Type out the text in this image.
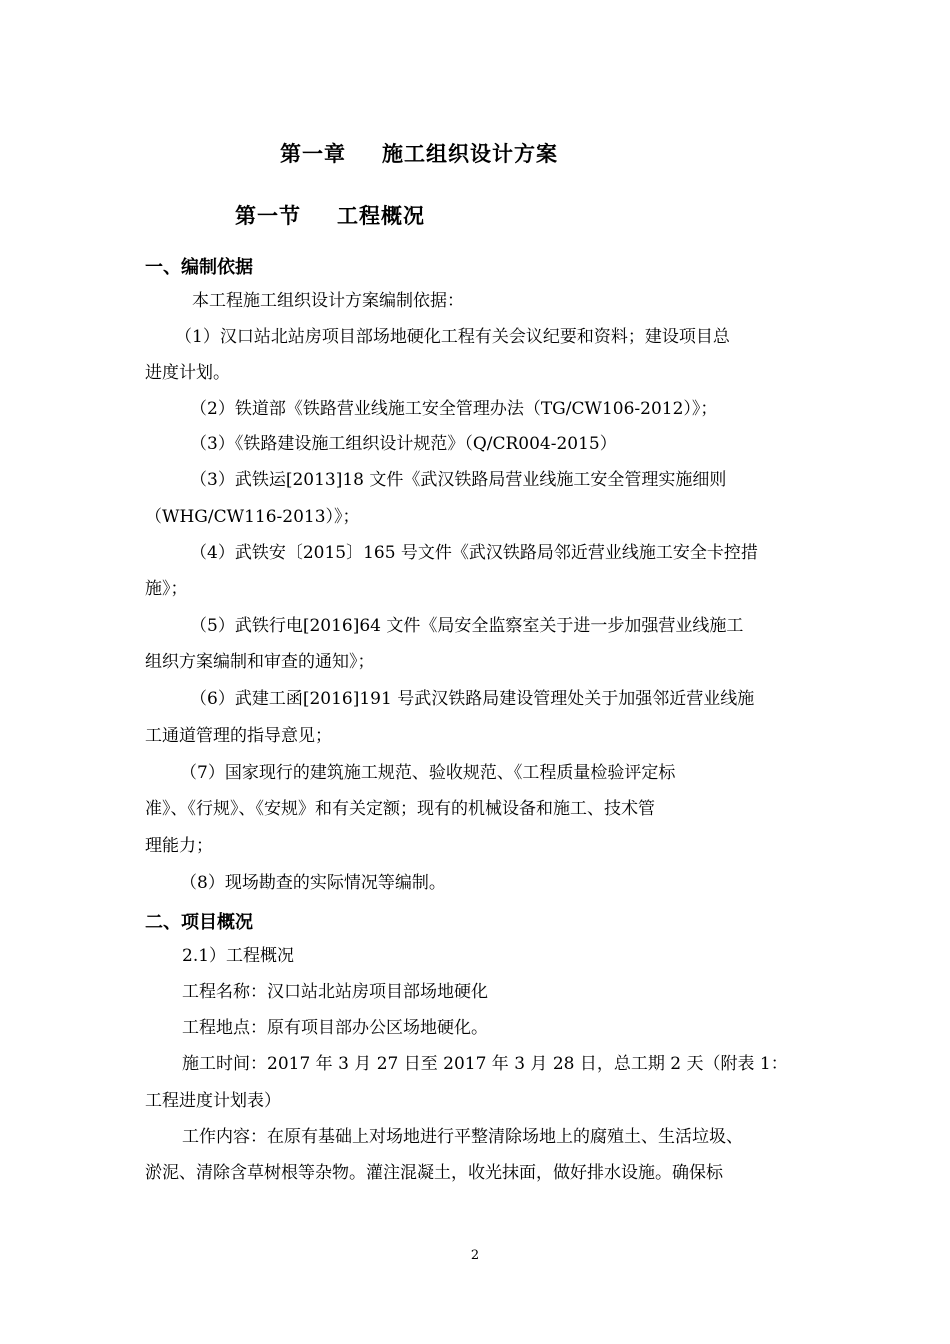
第一章 施工组织设计方案
第一节 工程概况
一、编制依据
本工程施工组织设计方案编制依据：
（1）汉口站北站房项目部场地硬化工程有关会议纪要和资料；建设项目总
进度计划。
（2）铁道部《铁路营业线施工安全管理办法（TG/CW106-2012）》；
（3）《铁路建设施工组织设计规范》（Q/CR004-2015）
（3）武铁运[2013]18 文件《武汉铁路局营业线施工安全管理实施细则
（WHG/CW116-2013）》；
（4）武铁安〔2015〕165 号文件《武汉铁路局邻近营业线施工安全卡控措
施》；
（5）武铁行电[2016]64 文件《局安全监察室关于进一步加强营业线施工
组织方案编制和审查的通知》；
（6）武建工函[2016]191 号武汉铁路局建设管理处关于加强邻近营业线施
工通道管理的指导意见；
（7）国家现行的建筑施工规范、验收规范、《工程质量检验评定标
准》、《行规》、《安规》和有关定额；现有的机械设备和施工、技术管
理能力；
（8）现场勘查的实际情况等编制。
二、项目概况
2.1）工程概况
工程名称：汉口站北站房项目部场地硬化
工程地点：原有项目部办公区场地硬化。
施工时间：2017 年 3 月 27 日至 2017 年 3 月 28 日，总工期 2 天（附表 1：
工程进度计划表）
工作内容：在原有基础上对场地进行平整清除场地上的腐殖土、生活垃圾、
淤泥、清除含草树根等杂物。灌注混凝土，收光抹面，做好排水设施。确保标
2
